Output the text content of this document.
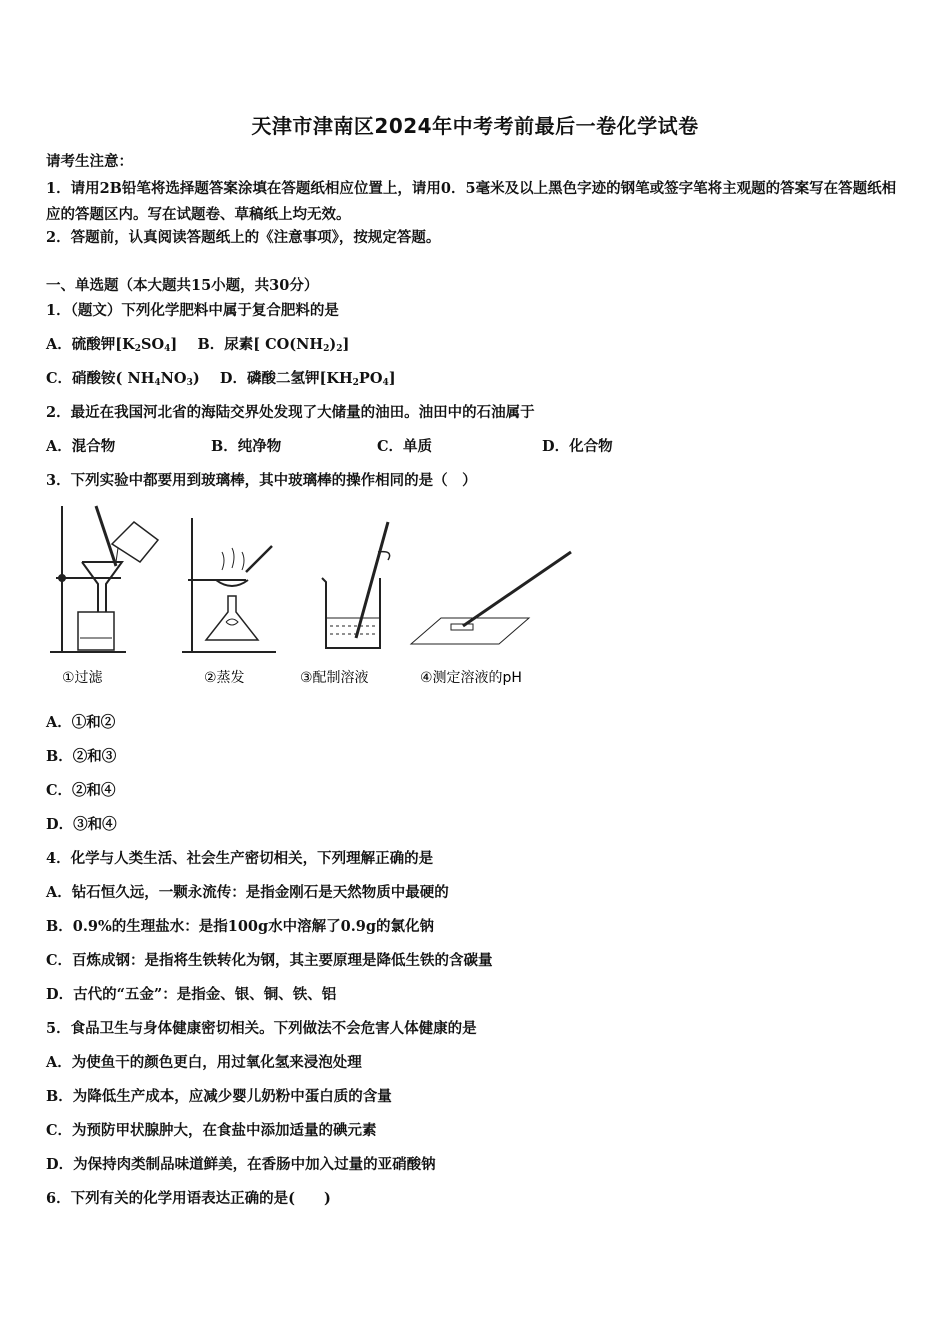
天津市津南区2024年中考考前最后一卷化学试卷
请考生注意：
1．请用2B铅笔将选择题答案涂填在答题纸相应位置上，请用0．5毫米及以上黑色字迹的钢笔或签字笔将主观题的答案写在答题纸相应的答题区内。写在试题卷、草稿纸上均无效。
2．答题前，认真阅读答题纸上的《注意事项》，按规定答题。
一、单选题（本大题共15小题，共30分）
1．（题文）下列化学肥料中属于复合肥料的是
A．硫酸钾$[K_2SO_4]$ B．尿素[ $CO(NH_2)_2$]
C．硝酸铵( $NH_4NO_3$) D．磷酸二氢钾$[KH_2PO_4]$
2．最近在我国河北省的海陆交界处发现了大储量的油田。油田中的石油属于
A．混合物	B．纯净物	C．单质	D．化合物
3．下列实验中都要用到玻璃棒，其中玻璃棒的操作相同的是（　）
①过滤	②蒸发	③配制溶液	④测定溶液的pH
A．①和②
B．②和③
C．②和④
D．③和④
4．化学与人类生活、社会生产密切相关，下列理解正确的是
A．钻石恒久远，一颗永流传：是指金刚石是天然物质中最硬的
B．0.9%的生理盐水：是指100g水中溶解了0.9g的氯化钠
C．百炼成钢：是指将生铁转化为钢，其主要原理是降低生铁的含碳量
D．古代的“五金”：是指金、银、铜、铁、铝
5．食品卫生与身体健康密切相关。下列做法不会危害人体健康的是
A．为使鱼干的颜色更白，用过氧化氢来浸泡处理
B．为降低生产成本，应减少婴儿奶粉中蛋白质的含量
C．为预防甲状腺肿大，在食盐中添加适量的碘元素
D．为保持肉类制品味道鲜美，在香肠中加入过量的亚硝酸钠
6．下列有关的化学用语表达正确的是(　　)
